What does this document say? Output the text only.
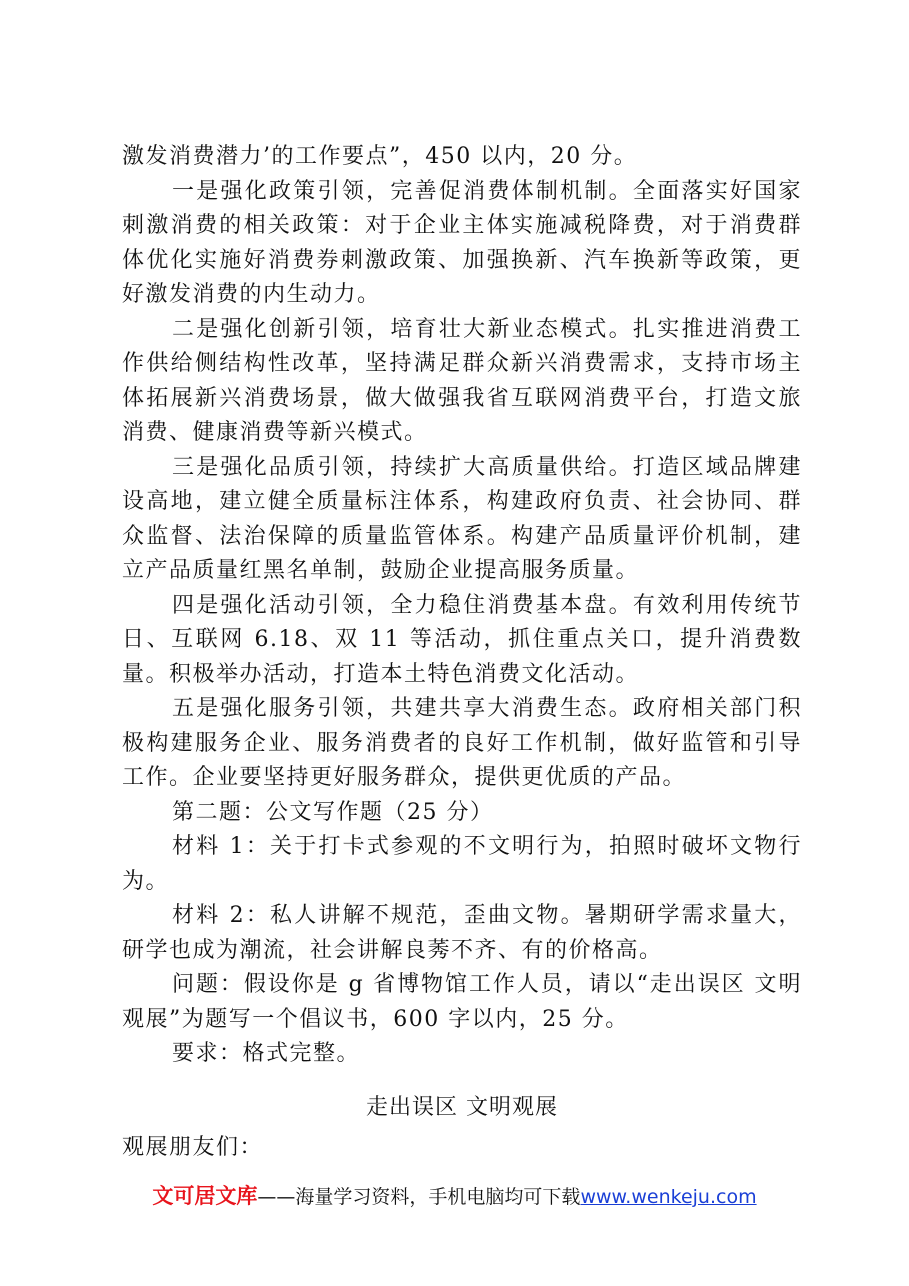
激发消费潜力’的工作要点”，450 以内，20 分。

一是强化政策引领，完善促消费体制机制。全面落实好国家刺激消费的相关政策：对于企业主体实施减税降费，对于消费群体优化实施好消费券刺激政策、加强换新、汽车换新等政策，更好激发消费的内生动力。

二是强化创新引领，培育壮大新业态模式。扎实推进消费工作供给侧结构性改革，坚持满足群众新兴消费需求，支持市场主体拓展新兴消费场景，做大做强我省互联网消费平台，打造文旅消费、健康消费等新兴模式。

三是强化品质引领，持续扩大高质量供给。打造区域品牌建设高地，建立健全质量标注体系，构建政府负责、社会协同、群众监督、法治保障的质量监管体系。构建产品质量评价机制，建立产品质量红黑名单制，鼓励企业提高服务质量。

四是强化活动引领，全力稳住消费基本盘。有效利用传统节日、互联网 6.18、双 11 等活动，抓住重点关口，提升消费数量。积极举办活动，打造本土特色消费文化活动。

五是强化服务引领，共建共享大消费生态。政府相关部门积极构建服务企业、服务消费者的良好工作机制，做好监管和引导工作。企业要坚持更好服务群众，提供更优质的产品。

第二题：公文写作题（25 分）

材料 1：关于打卡式参观的不文明行为，拍照时破坏文物行为。

材料 2：私人讲解不规范，歪曲文物。暑期研学需求量大，研学也成为潮流，社会讲解良莠不齐、有的价格高。

问题：假设你是 g 省博物馆工作人员，请以“走出误区 文明观展”为题写一个倡议书，600 字以内，25 分。

要求：格式完整。

走出误区 文明观展

观展朋友们：

文可居文库——海量学习资料，手机电脑均可下载www.wenkeju.com
